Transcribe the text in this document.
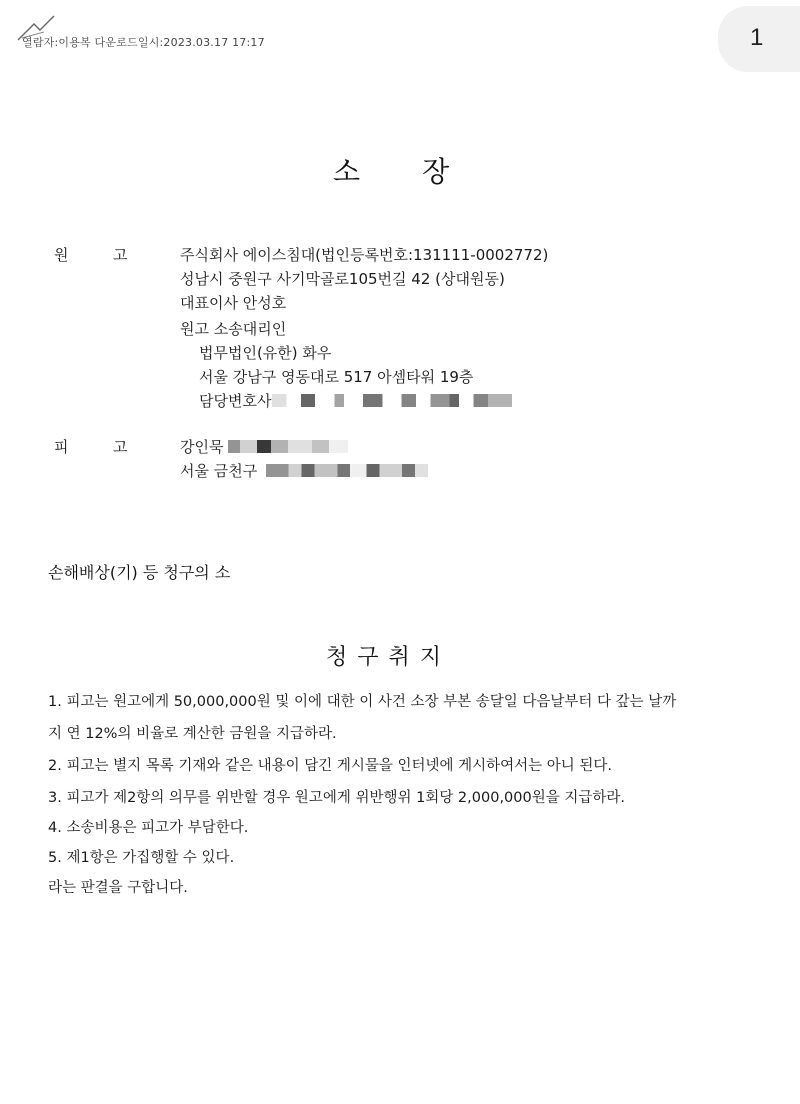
열람자:이용복 다운로드일시:2023.03.17 17:17	1
소 장
원	고	주식회사 에이스침대(법인등록번호:131111-0002772)
성남시 중원구 사기막골로105번길 42 (상대원동)
대표이사 안성호
원고 소송대리인
법무법인(유한) 화우
서울 강남구 영동대로 517 아셈타워 19층
담당변호사
피	고	강인묵
서울 금천구
손해배상(기) 등 청구의 소
청구취지
1. 피고는 원고에게 50,000,000원 및 이에 대한 이 사건 소장 부본 송달일 다음날부터 다 갚는 날까
지 연 12%의 비율로 계산한 금원을 지급하라.
2. 피고는 별지 목록 기재와 같은 내용이 담긴 게시물을 인터넷에 게시하여서는 아니 된다.
3. 피고가 제2항의 의무를 위반할 경우 원고에게 위반행위 1회당 2,000,000원을 지급하라.
4. 소송비용은 피고가 부담한다.
5. 제1항은 가집행할 수 있다.
라는 판결을 구합니다.
